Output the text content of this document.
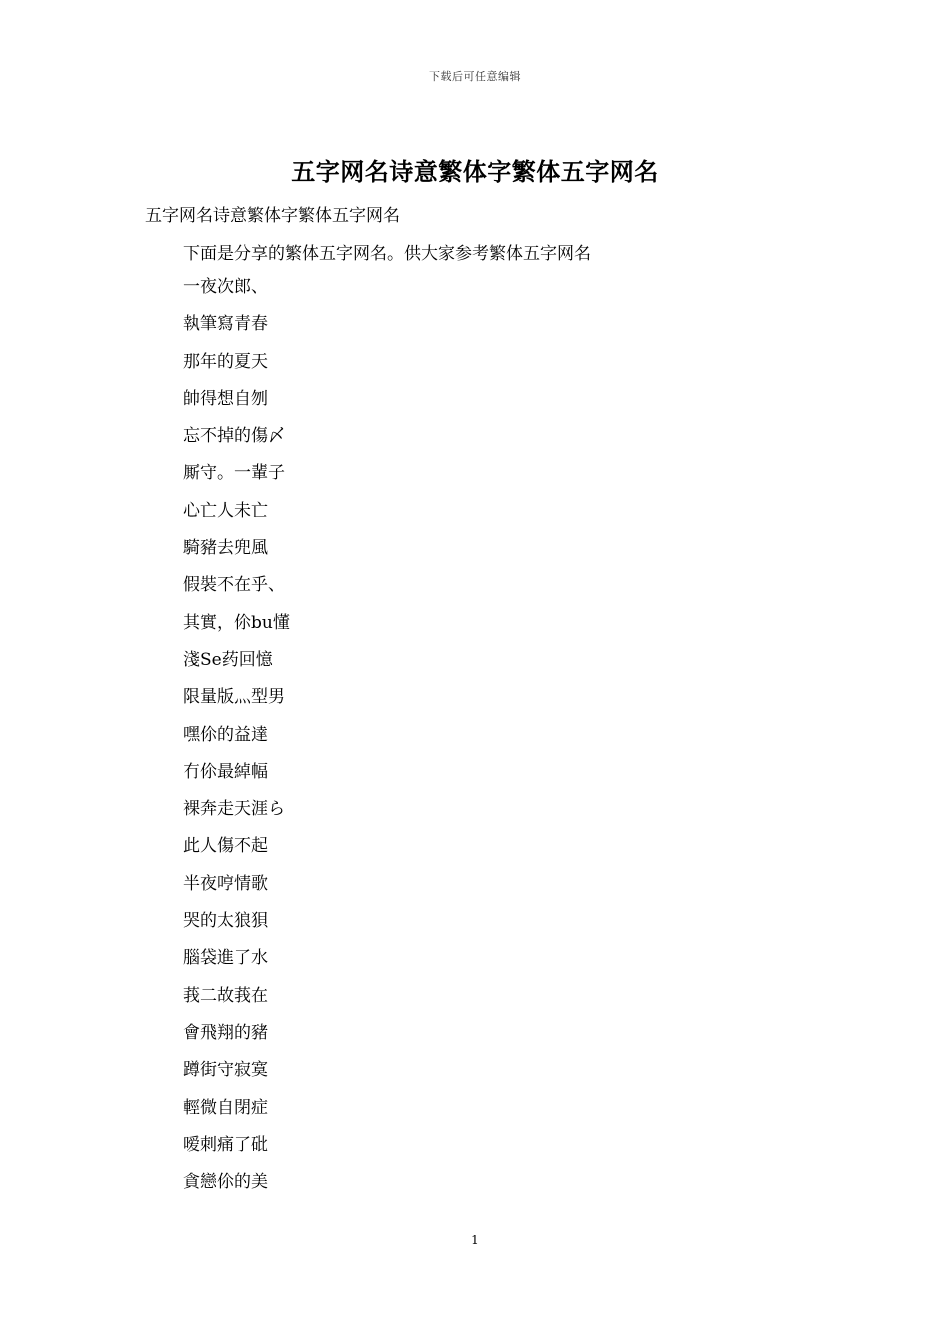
下载后可任意编辑
五字网名诗意繁体字繁体五字网名
五字网名诗意繁体字繁体五字网名
下面是分享的繁体五字网名。供大家参考繁体五字网名
一夜次郎、
執筆寫青春
那年的夏天
帥得想自刎
忘不掉的傷〆
厮守。一輩子
心亡人未亡
騎豬去兜風
假裝不在乎、
其實，伱bu懂
淺Se药回憶
限量版灬型男
嘿伱的益達
冇伱最綽幅
裸奔走天涯ら
此人傷不起
半夜哼情歌
哭的太狼狽
腦袋進了水
莪二故莪在
會飛翔的豬
蹲街守寂寞
輕微自閉症
嗳刺痛了砒
貪戀伱的美
1
